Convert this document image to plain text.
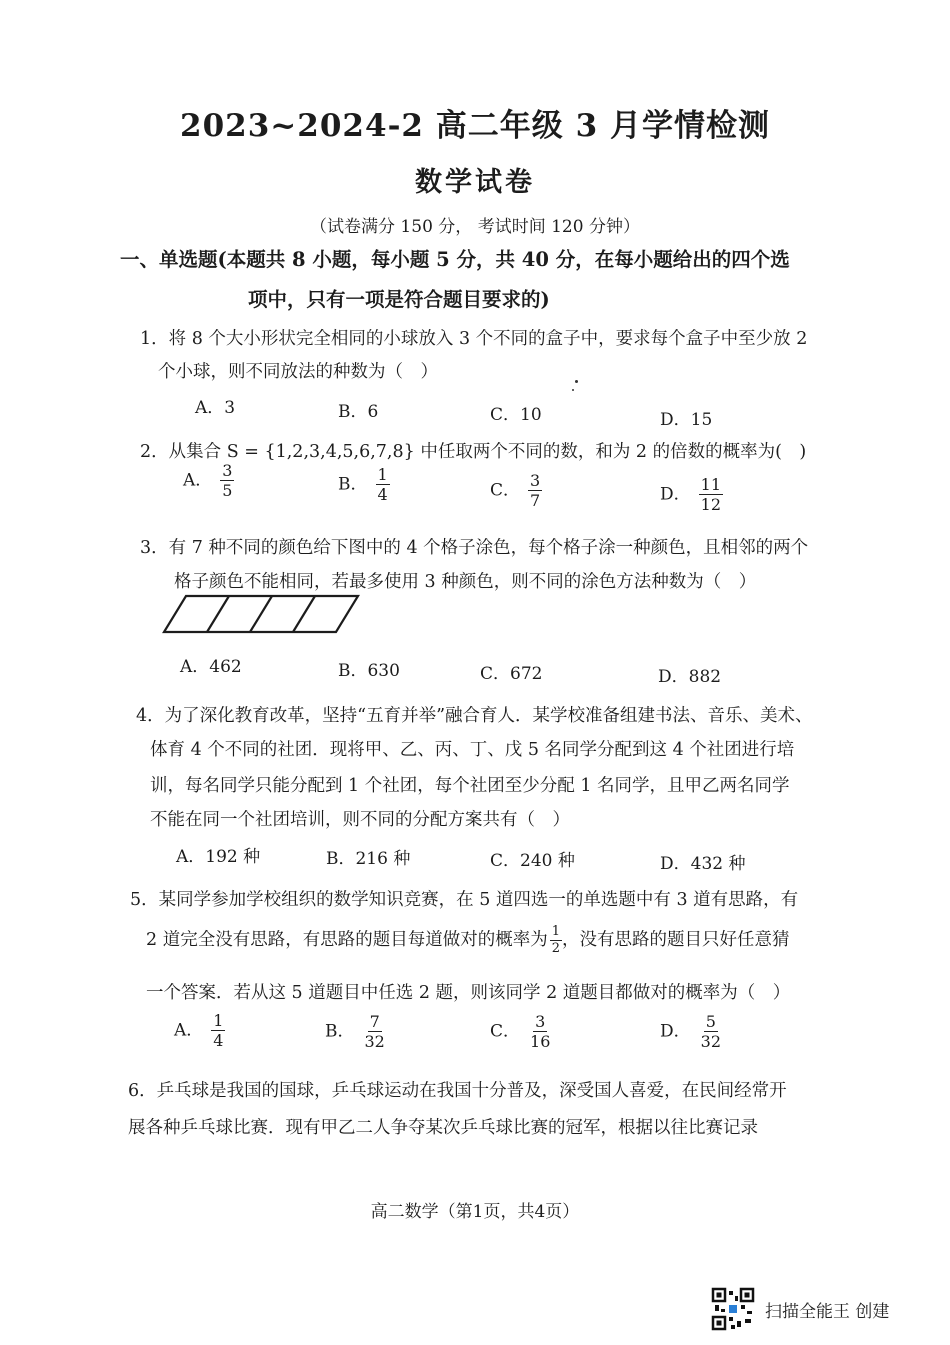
2023~2024-2 高二年级 3 月学情检测
数学试卷
（试卷满分 150 分， 考试时间 120 分钟）
一、单选题(本题共 8 小题，每小题 5 分，共 40 分，在每小题给出的四个选
项中，只有一项是符合题目要求的)
1．将 8 个大小形状完全相同的小球放入 3 个不同的盒子中，要求每个盒子中至少放 2
个小球，则不同放法的种数为（　）
A．3	B．6	C．10	D．15
2．从集合 S = {1,2,3,4,5,6,7,8} 中任取两个不同的数，和为 2 的倍数的概率为(　)
A． $\frac{3}{5}$	B． $\frac{1}{4}$	C． $\frac{3}{7}$	D． $\frac{11}{12}$
3．有 7 种不同的颜色给下图中的 4 个格子涂色，每个格子涂一种颜色，且相邻的两个
格子颜色不能相同，若最多使用 3 种颜色，则不同的涂色方法种数为（　）
A．462	B．630	C．672	D．882
4．为了深化教育改革，坚持“五育并举”融合育人．某学校准备组建书法、音乐、美术、
体育 4 个不同的社团．现将甲、乙、丙、丁、戊 5 名同学分配到这 4 个社团进行培
训，每名同学只能分配到 1 个社团，每个社团至少分配 1 名同学，且甲乙两名同学
不能在同一个社团培训，则不同的分配方案共有（　）
A．192 种	B．216 种	C．240 种	D．432 种
5．某同学参加学校组织的数学知识竞赛，在 5 道四选一的单选题中有 3 道有思路，有
2 道完全没有思路，有思路的题目每道做对的概率为 $\frac{1}{2}$ ，没有思路的题目只好任意猜
一个答案．若从这 5 道题目中任选 2 题，则该同学 2 道题目都做对的概率为（　）
A． $\frac{1}{4}$	B． $\frac{7}{32}$	C． $\frac{3}{16}$	D． $\frac{5}{32}$
6．乒乓球是我国的国球，乒乓球运动在我国十分普及，深受国人喜爱，在民间经常开
展各种乒乓球比赛．现有甲乙二人争夺某次乒乓球比赛的冠军，根据以往比赛记录
高二数学（第1页，共4页）
扫描全能王 创建
